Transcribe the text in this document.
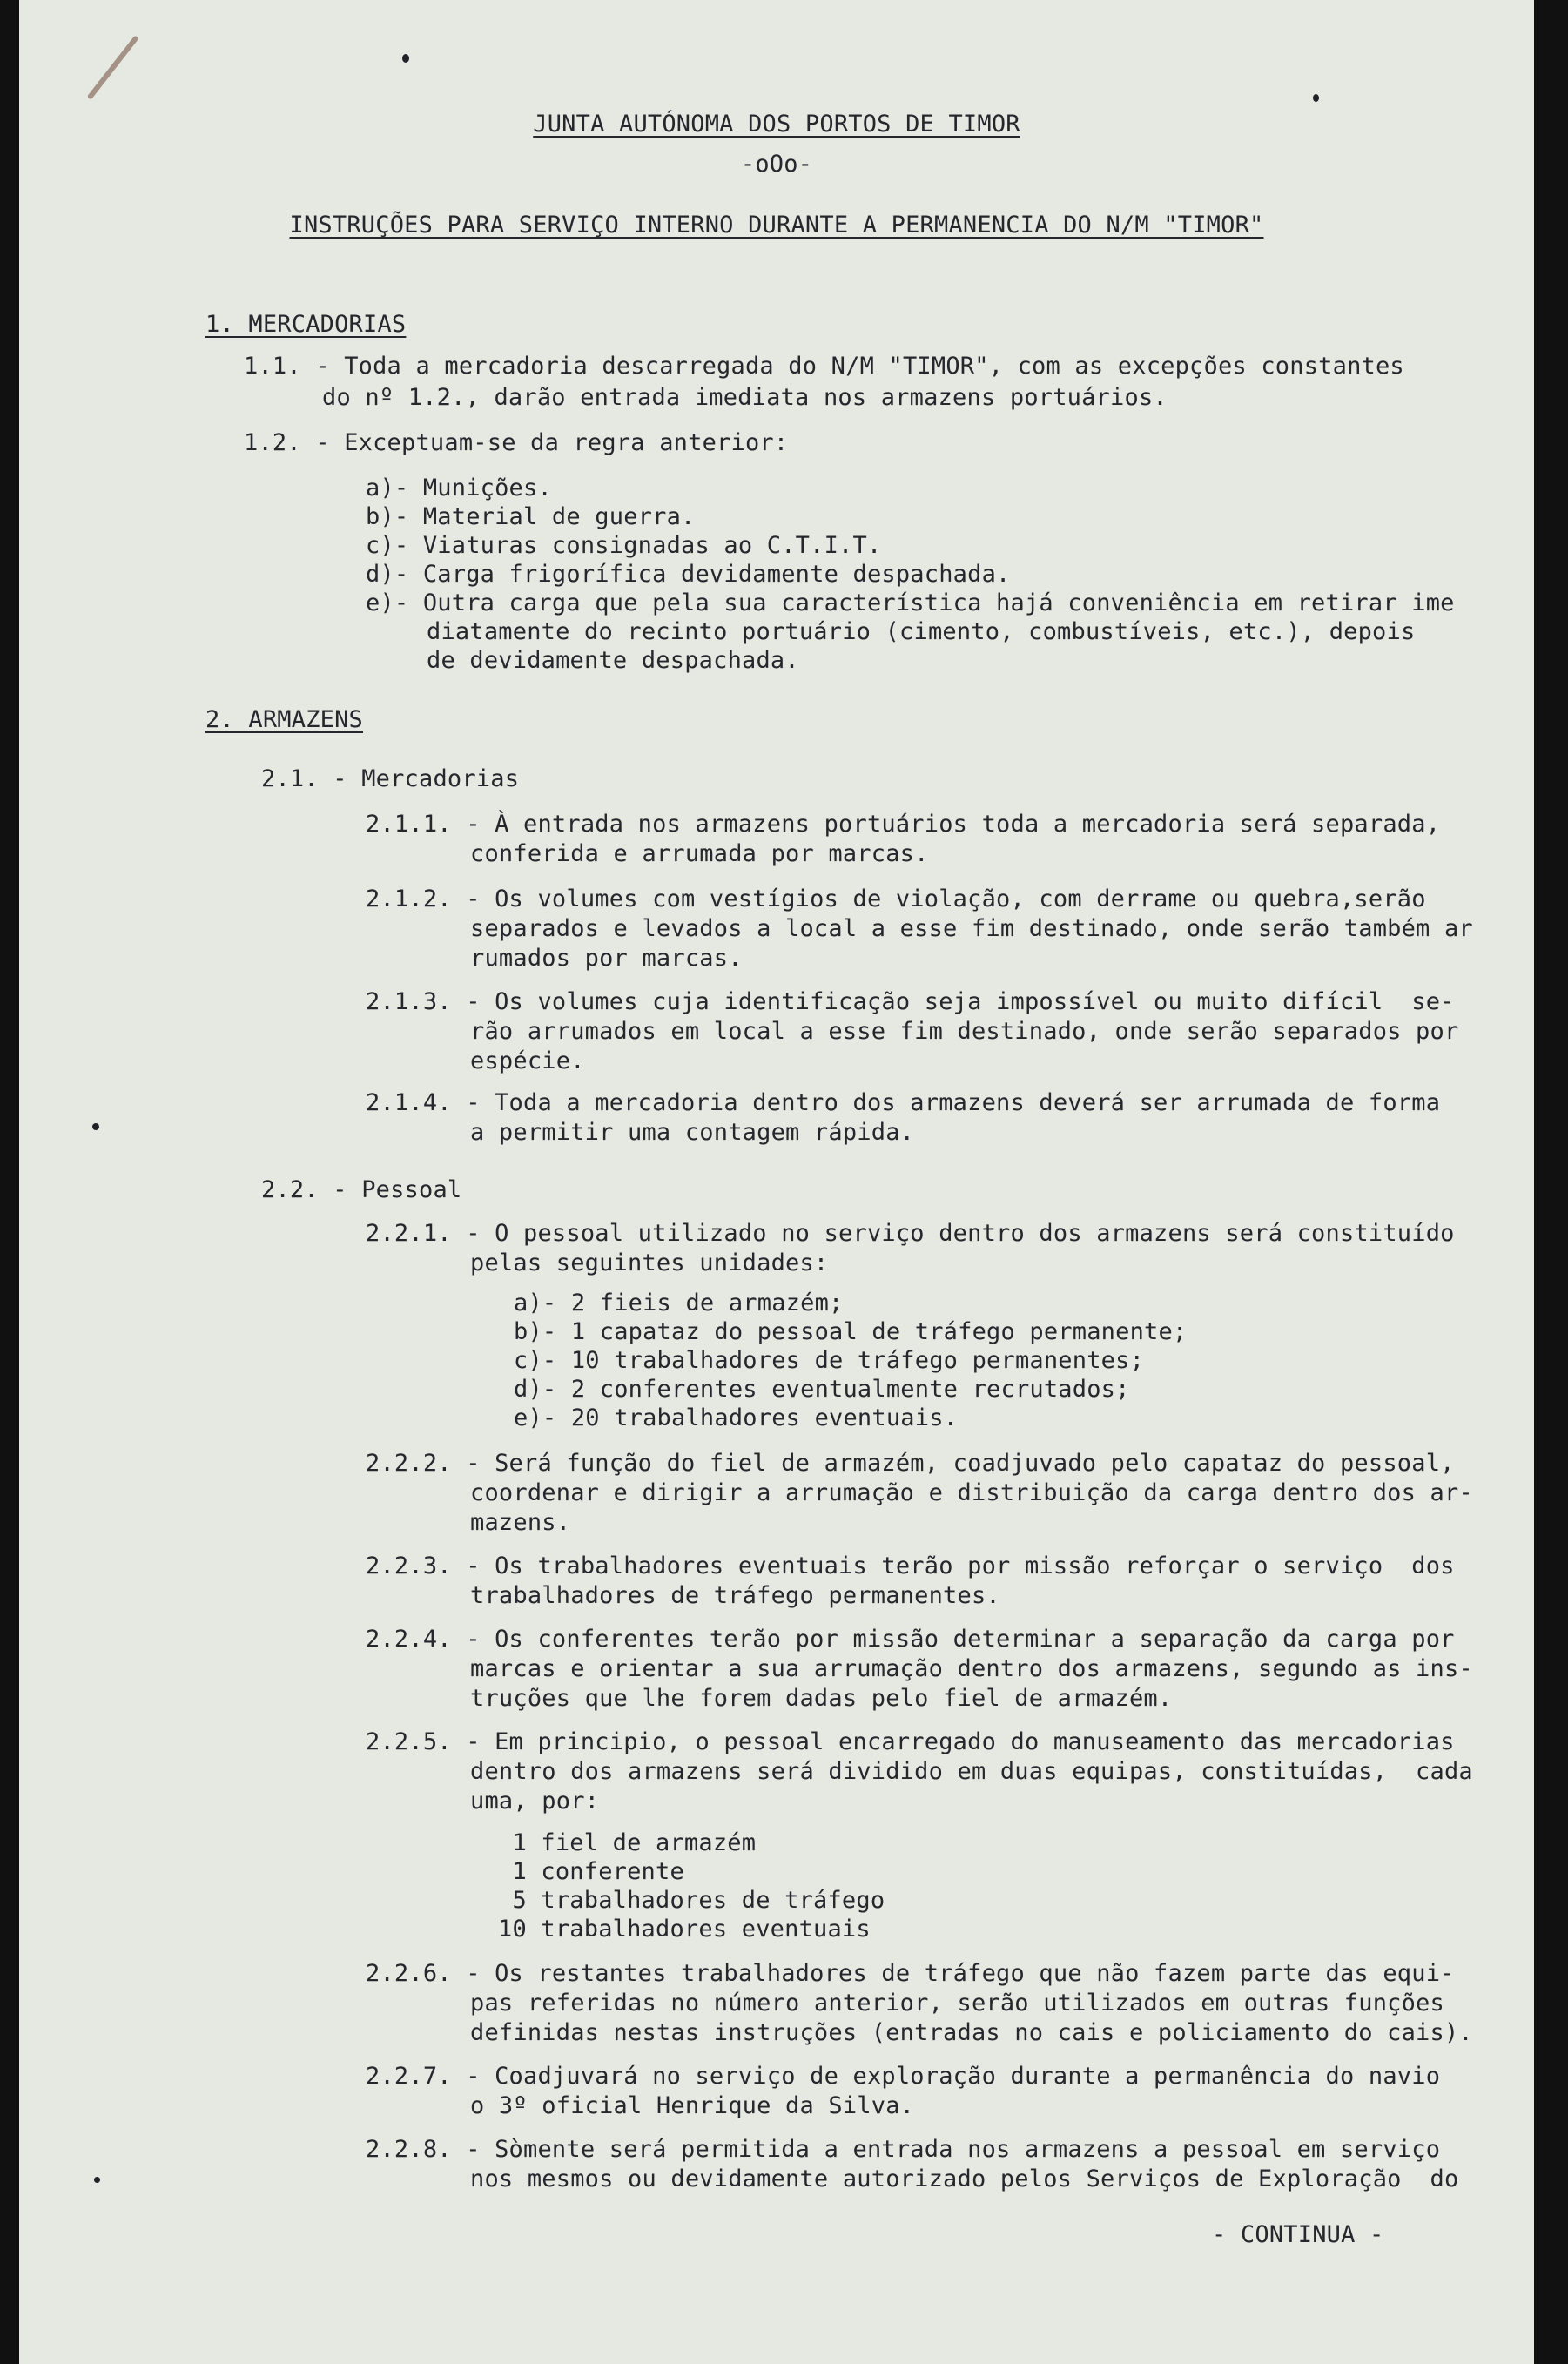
JUNTA AUTÓNOMA DOS PORTOS DE TIMOR
-oOo-
INSTRUÇÕES PARA SERVIÇO INTERNO DURANTE A PERMANENCIA DO N/M "TIMOR"
1. MERCADORIAS
1.1. - Toda a mercadoria descarregada do N/M "TIMOR", com as excepções constantes
do nº 1.2., darão entrada imediata nos armazens portuários.
1.2. - Exceptuam-se da regra anterior:
a)- Munições.
b)- Material de guerra.
c)- Viaturas consignadas ao C.T.I.T.
d)- Carga frigorífica devidamente despachada.
e)- Outra carga que pela sua característica hajá conveniência em retirar ime
diatamente do recinto portuário (cimento, combustíveis, etc.), depois
de devidamente despachada.
2. ARMAZENS
2.1. - Mercadorias
2.1.1. - À entrada nos armazens portuários toda a mercadoria será separada,
conferida e arrumada por marcas.
2.1.2. - Os volumes com vestígios de violação, com derrame ou quebra,serão
separados e levados a local a esse fim destinado, onde serão também ar
rumados por marcas.
2.1.3. - Os volumes cuja identificação seja impossível ou muito difícil  se-
rão arrumados em local a esse fim destinado, onde serão separados por
espécie.
2.1.4. - Toda a mercadoria dentro dos armazens deverá ser arrumada de forma
a permitir uma contagem rápida.
2.2. - Pessoal
2.2.1. - O pessoal utilizado no serviço dentro dos armazens será constituído
pelas seguintes unidades:
a)- 2 fieis de armazém;
b)- 1 capataz do pessoal de tráfego permanente;
c)- 10 trabalhadores de tráfego permanentes;
d)- 2 conferentes eventualmente recrutados;
e)- 20 trabalhadores eventuais.
2.2.2. - Será função do fiel de armazém, coadjuvado pelo capataz do pessoal,
coordenar e dirigir a arrumação e distribuição da carga dentro dos ar-
mazens.
2.2.3. - Os trabalhadores eventuais terão por missão reforçar o serviço  dos
trabalhadores de tráfego permanentes.
2.2.4. - Os conferentes terão por missão determinar a separação da carga por
marcas e orientar a sua arrumação dentro dos armazens, segundo as ins-
truções que lhe forem dadas pelo fiel de armazém.
2.2.5. - Em principio, o pessoal encarregado do manuseamento das mercadorias
dentro dos armazens será dividido em duas equipas, constituídas,  cada
uma, por:
1 fiel de armazém
1 conferente
5 trabalhadores de tráfego
10 trabalhadores eventuais
2.2.6. - Os restantes trabalhadores de tráfego que não fazem parte das equi-
pas referidas no número anterior, serão utilizados em outras funções
definidas nestas instruções (entradas no cais e policiamento do cais).
2.2.7. - Coadjuvará no serviço de exploração durante a permanência do navio
o 3º oficial Henrique da Silva.
2.2.8. - Sòmente será permitida a entrada nos armazens a pessoal em serviço
nos mesmos ou devidamente autorizado pelos Serviços de Exploração  do
- CONTINUA -
